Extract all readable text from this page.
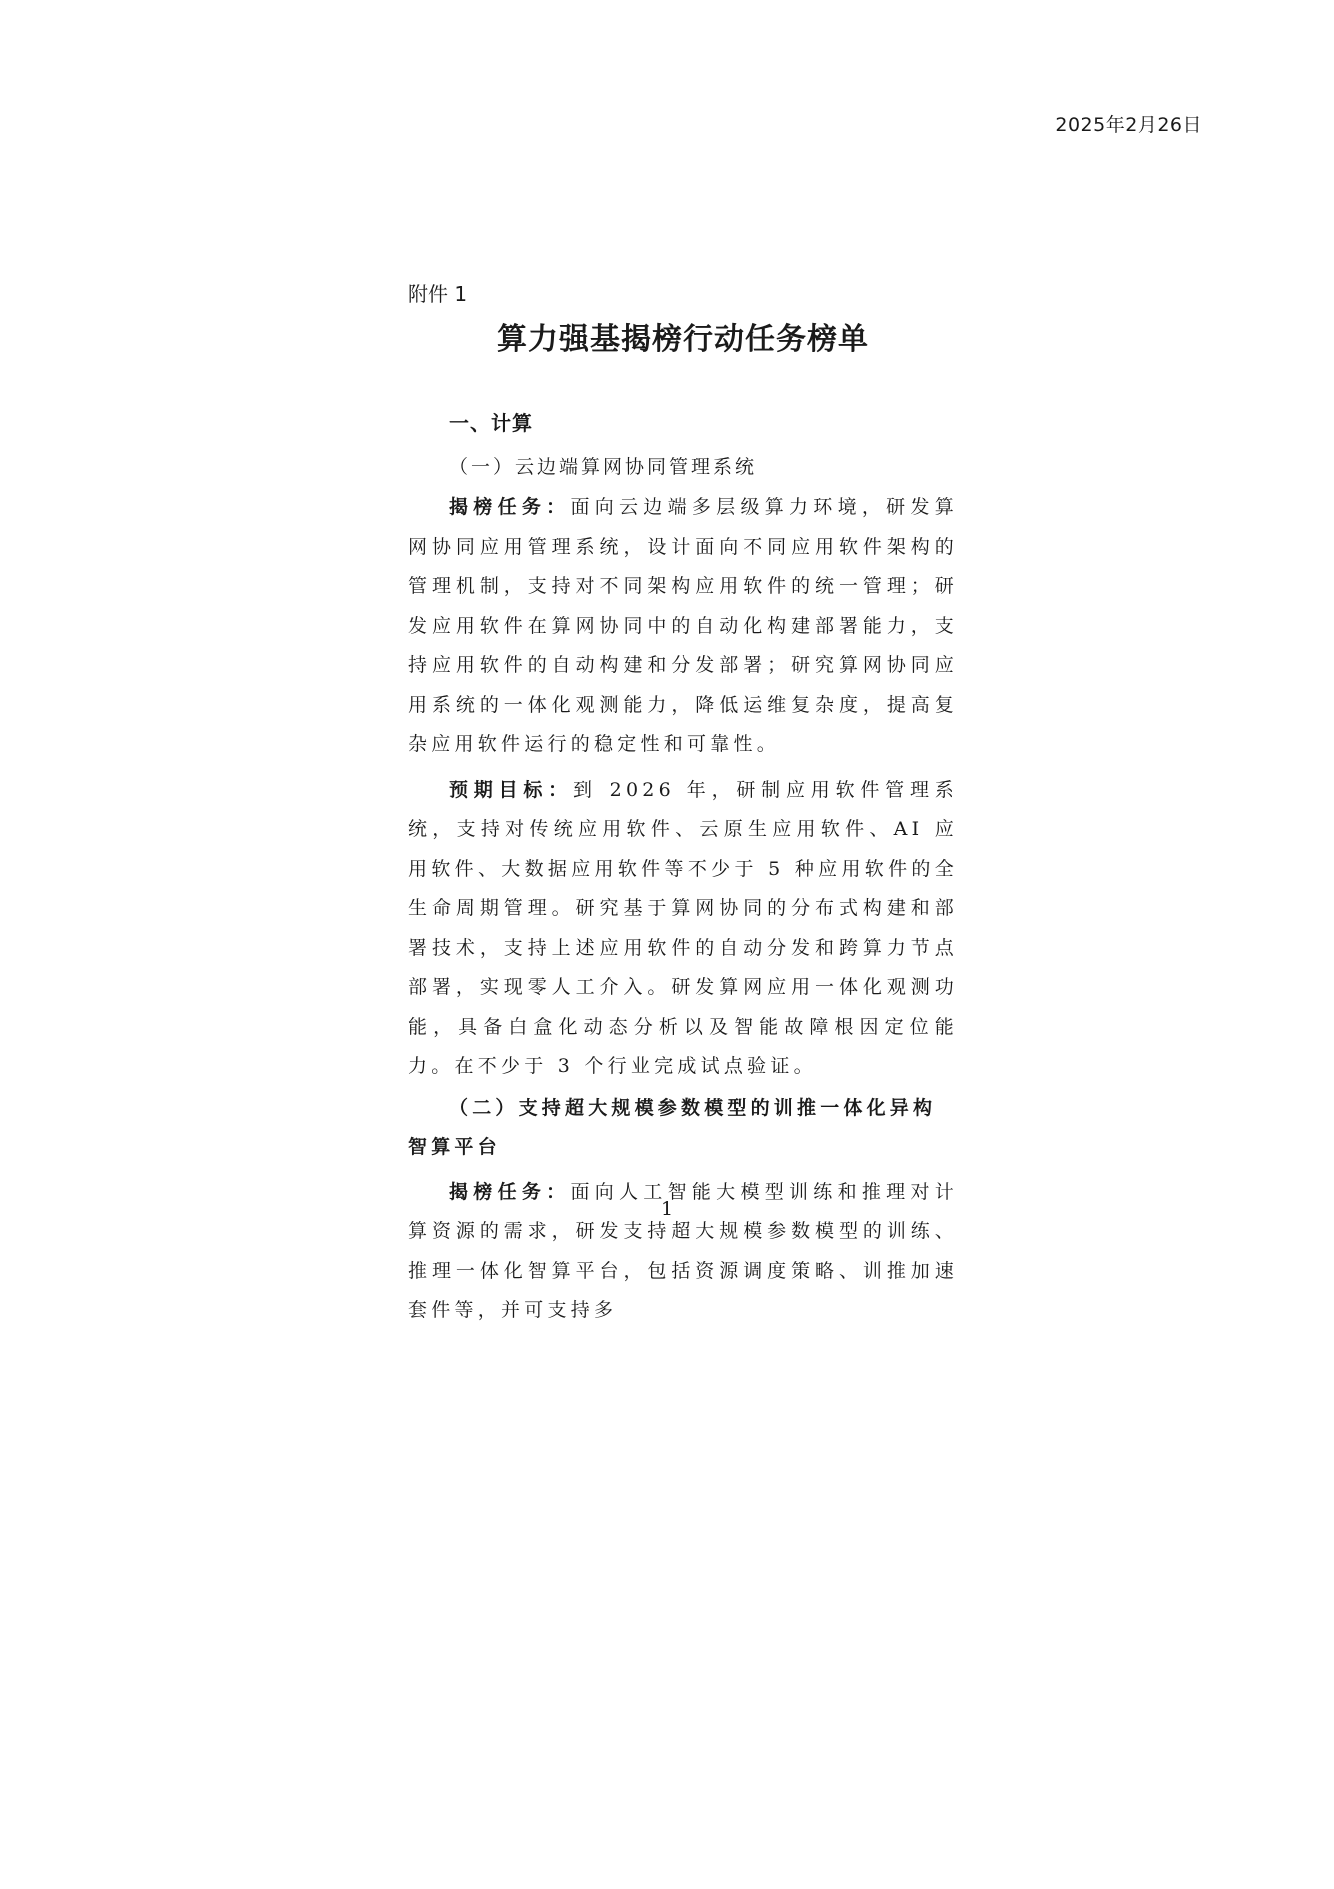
2025年2月26日

附件 1

算力强基揭榜行动任务榜单
一、计算
（一）云边端算网协同管理系统

揭榜任务：面向云边端多层级算力环境，研发算网协同应用管理系统，设计面向不同应用软件架构的管理机制，支持对不同架构应用软件的统一管理；研发应用软件在算网协同中的自动化构建部署能力，支持应用软件的自动构建和分发部署；研究算网协同应用系统的一体化观测能力，降低运维复杂度，提高复杂应用软件运行的稳定性和可靠性。

预期目标：到 2026 年，研制应用软件管理系统，支持对传统应用软件、云原生应用软件、AI 应用软件、大数据应用软件等不少于 5 种应用软件的全生命周期管理。研究基于算网协同的分布式构建和部署技术，支持上述应用软件的自动分发和跨算力节点部署，实现零人工介入。研发算网应用一体化观测功能，具备白盒化动态分析以及智能故障根因定位能力。在不少于 3 个行业完成试点验证。

（二）支持超大规模参数模型的训推一体化异构智算平台

揭榜任务：面向人工智能大模型训练和推理对计算资源的需求，研发支持超大规模参数模型的训练、推理一体化智算平台，包括资源调度策略、训推加速套件等，并可支持多

1
